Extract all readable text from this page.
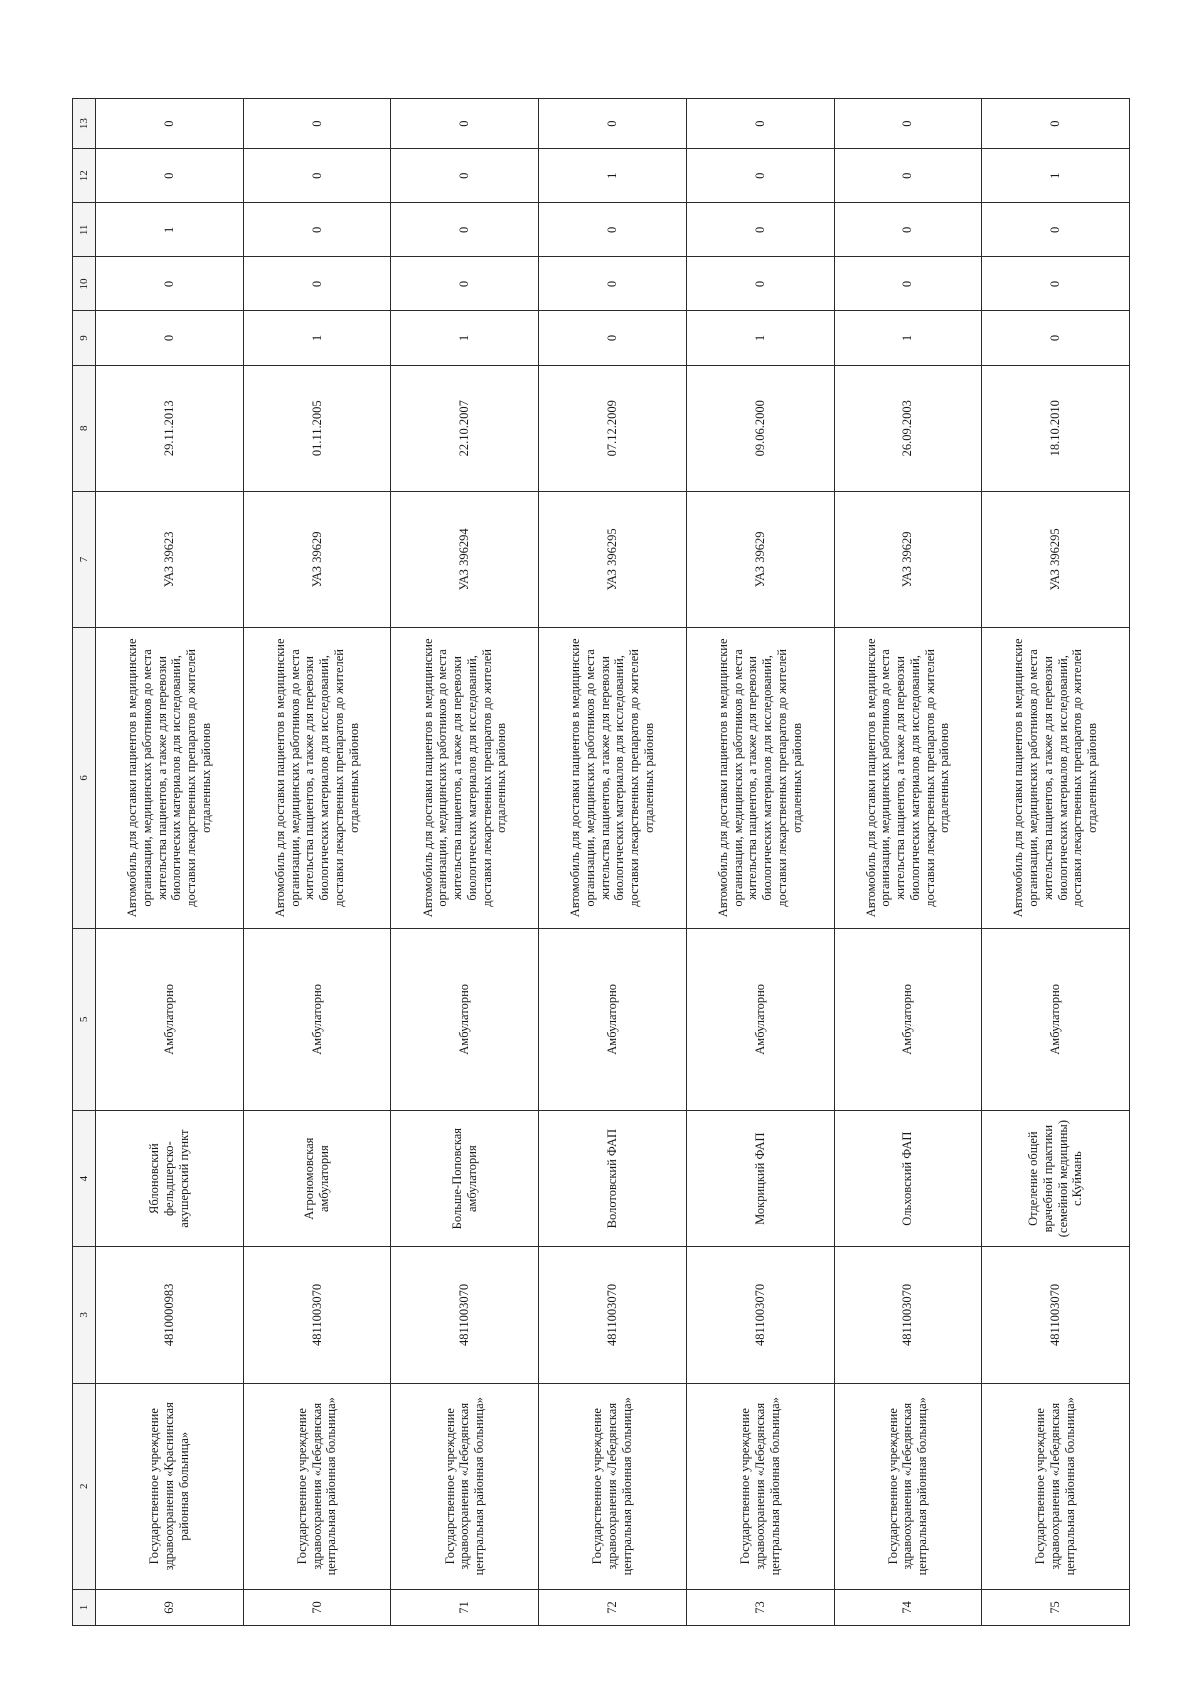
1	2	3	4	5	6	7	8	9	10	11	12	13
69	Государственное учреждение здравоохранения «Краснинская районная больница»	4810000983	Яблоновский фельдшерско-акушерский пункт	Амбулаторно	Автомобиль для доставки пациентов в медицинские организации, медицинских работников до места жительства пациентов, а также для перевозки биологических материалов для исследований, доставки лекарственных препаратов до жителей отдаленных районов	УАЗ 39623	29.11.2013	0	0	1	0	0
70	Государственное учреждение здравоохранения «Лебедянская центральная районная больница»	4811003070	Агрономовская амбулатория	Амбулаторно	Автомобиль для доставки пациентов в медицинские организации, медицинских работников до места жительства пациентов, а также для перевозки биологических материалов для исследований, доставки лекарственных препаратов до жителей отдаленных районов	УАЗ 39629	01.11.2005	1	0	0	0	0
71	Государственное учреждение здравоохранения «Лебедянская центральная районная больница»	4811003070	Больше-Поповская амбулатория	Амбулаторно	Автомобиль для доставки пациентов в медицинские организации, медицинских работников до места жительства пациентов, а также для перевозки биологических материалов для исследований, доставки лекарственных препаратов до жителей отдаленных районов	УАЗ 396294	22.10.2007	1	0	0	0	0
72	Государственное учреждение здравоохранения «Лебедянская центральная районная больница»	4811003070	Волотовский ФАП	Амбулаторно	Автомобиль для доставки пациентов в медицинские организации, медицинских работников до места жительства пациентов, а также для перевозки биологических материалов для исследований, доставки лекарственных препаратов до жителей отдаленных районов	УАЗ 396295	07.12.2009	0	0	0	1	0
73	Государственное учреждение здравоохранения «Лебедянская центральная районная больница»	4811003070	Мокрицкий ФАП	Амбулаторно	Автомобиль для доставки пациентов в медицинские организации, медицинских работников до места жительства пациентов, а также для перевозки биологических материалов для исследований, доставки лекарственных препаратов до жителей отдаленных районов	УАЗ 39629	09.06.2000	1	0	0	0	0
74	Государственное учреждение здравоохранения «Лебедянская центральная районная больница»	4811003070	Ольховский ФАП	Амбулаторно	Автомобиль для доставки пациентов в медицинские организации, медицинских работников до места жительства пациентов, а также для перевозки биологических материалов для исследований, доставки лекарственных препаратов до жителей отдаленных районов	УАЗ 39629	26.09.2003	1	0	0	0	0
75	Государственное учреждение здравоохранения «Лебедянская центральная районная больница»	4811003070	Отделение общей врачебной практики (семейной медицины) с.Куймань	Амбулаторно	Автомобиль для доставки пациентов в медицинские организации, медицинских работников до места жительства пациентов, а также для перевозки биологических материалов для исследований, доставки лекарственных препаратов до жителей отдаленных районов	УАЗ 396295	18.10.2010	0	0	0	1	0
